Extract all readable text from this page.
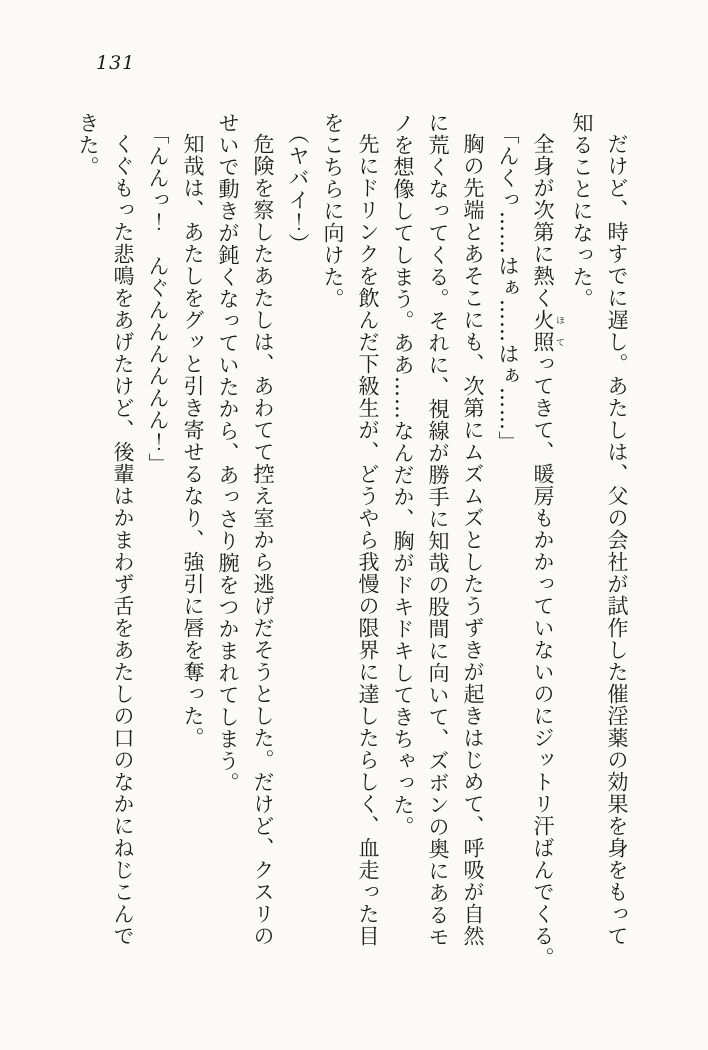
131

だけど、時すでに遅し。あたしは、父の会社が試作した催淫薬の効果を身をもって

知ることになった。

全身が次第に熱く火 ほ照 てってきて、暖房もかかっていないのにジットリ汗ばんでくる。

「んくっ……はぁ……はぁ……」

胸の先端とあそこにも、次第にムズムズとしたうずきが起きはじめて、呼吸が自然

に荒くなってくる。それに、視線が勝手に知哉の股間に向いて、ズボンの奥にあるモ

ノを想像してしまう。ああ……なんだか、胸がドキドキしてきちゃった。

先にドリンクを飲んだ下級生が、どうやら我慢の限界に達したらしく、血走った目

をこちらに向けた。

（ヤバイ！）

危険を察したあたしは、あわてて控え室から逃げだそうとした。だけど、クスリの

せいで動きが鈍くなっていたから、あっさり腕をつかまれてしまう。

知哉は、あたしをグッと引き寄せるなり、強引に唇を奪った。

「んんっ！　んぐんんんんんん！」

くぐもった悲鳴をあげたけど、後輩はかまわず舌をあたしの口のなかにねじこんで

きた。
